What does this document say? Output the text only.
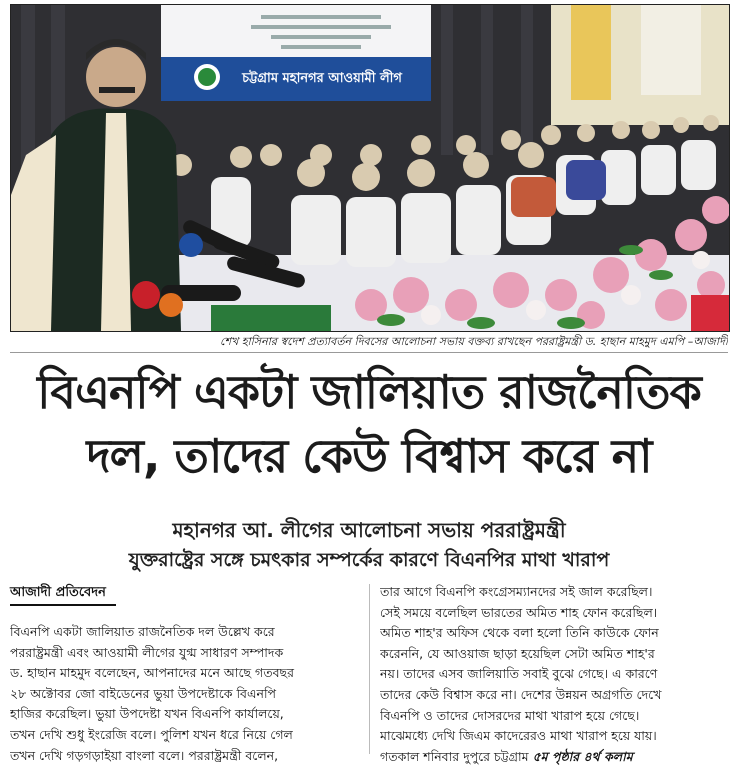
চট্টগ্রাম মহানগর আওয়ামী লীগ
শেখ হাসিনার স্বদেশ প্রত্যাবর্তন দিবসের আলোচনা সভায় বক্তব্য রাখছেন পররাষ্ট্রমন্ত্রী ড. হাছান মাহমুদ এমপি –আজাদী
বিএনপি একটা জালিয়াত রাজনৈতিক
দল, তাদের কেউ বিশ্বাস করে না
মহানগর আ. লীগের আলোচনা সভায় পররাষ্ট্রমন্ত্রী
যুক্তরাষ্ট্রের সঙ্গে চমৎকার সম্পর্কের কারণে বিএনপির মাথা খারাপ
আজাদী প্রতিবেদন
বিএনপি একটা জালিয়াত রাজনৈতিক দল উল্লেখ করে
পররাষ্ট্রমন্ত্রী এবং আওয়ামী লীগের যুগ্ম সাধারণ সম্পাদক
ড. হাছান মাহমুদ বলেছেন, আপনাদের মনে আছে গতবছর
২৮ অক্টোবর জো বাইডেনের ভুয়া উপদেষ্টাকে বিএনপি
হাজির করেছিল। ভুয়া উপদেষ্টা যখন বিএনপি কার্যালয়ে,
তখন দেখি শুধু ইংরেজি বলে। পুলিশ যখন ধরে নিয়ে গেল
তখন দেখি গড়গড়াইয়া বাংলা বলে। পররাষ্ট্রমন্ত্রী বলেন,
তার আগে বিএনপি কংগ্রেসম্যানদের সই জাল করেছিল।
সেই সময়ে বলেছিল ভারতের অমিত শাহ ফোন করেছিল।
অমিত শাহ'র অফিস থেকে বলা হলো তিনি কাউকে ফোন
করেননি, যে আওয়াজ ছাড়া হয়েছিল সেটা অমিত শাহ'র
নয়। তাদের এসব জালিয়াতি সবাই বুঝে গেছে। এ কারণে
তাদের কেউ বিশ্বাস করে না। দেশের উন্নয়ন অগ্রগতি দেখে
বিএনপি ও তাদের দোসরদের মাথা খারাপ হয়ে গেছে।
মাঝেমধ্যে দেখি জিএম কাদেরেরও মাথা খারাপ হয়ে যায়।
গতকাল শনিবার দুপুরে চট্টগ্রাম ৫ম পৃষ্ঠার ৪র্থ কলাম
